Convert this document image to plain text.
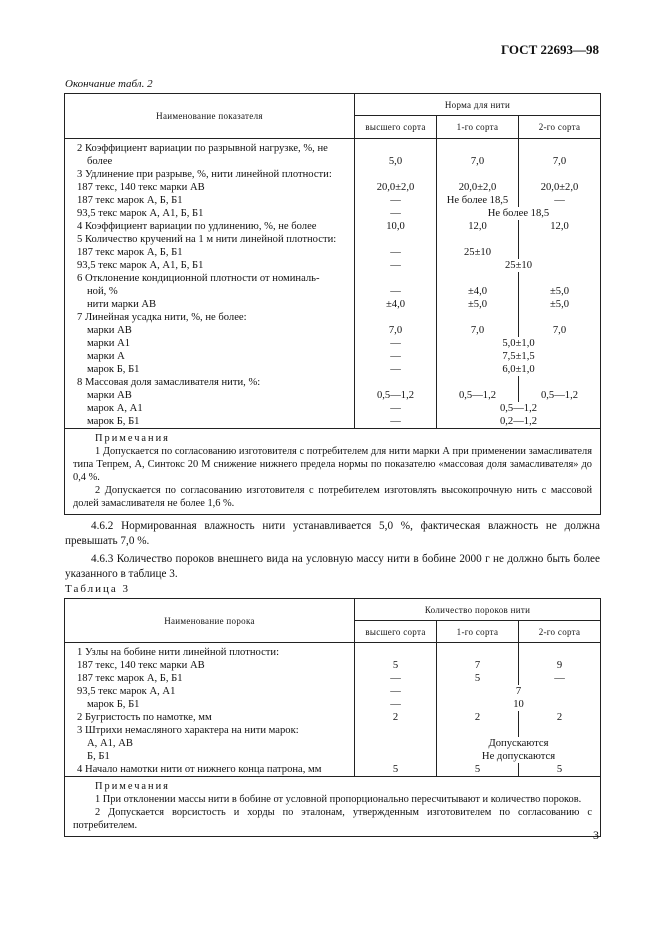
ГОСТ 22693—98
Окончание табл. 2
Наименование показателя	Норма для нити		
	высшего сорта	1-го сорта	2-го сорта
2 Коэффициент вариации по разрывной нагрузке, %, не			
более	5,0	7,0	7,0
3 Удлинение при разрыве, %, нити линейной плотности:			
187 текс, 140 текс марки АВ	20,0±2,0	20,0±2,0	20,0±2,0
187 текс марок А, Б, Б1	—	Не более 18,5	—
93,5 текс марок А, А1, Б, Б1	—	Не более 18,5	
4 Коэффициент вариации по удлинению, %, не более	10,0	12,0	12,0
5 Количество кручений на 1 м нити линейной плотности:			
187 текс марок А, Б, Б1	—	25±10	
93,5 текс марок А, А1, Б, Б1	—	25±10	
6 Отклонение кондиционной плотности от номиналь-			
ной, %	—	±4,0	±5,0
нити марки АВ	±4,0	±5,0	±5,0
7 Линейная усадка нити, %, не более:			
марки АВ	7,0	7,0	7,0
марки А1	—	5,0±1,0	
марки А	—	7,5±1,5	
марок Б, Б1	—	6,0±1,0	
8 Массовая доля замасливателя нити, %:			
марки АВ	0,5—1,2	0,5—1,2	0,5—1,2
марок А, А1	—	0,5—1,2	
марок Б, Б1	—	0,2—1,2	

Примечания
1 Допускается по согласованию изготовителя с потребителем для нити марки А при применении замасливателя типа Тепрем, А, Синтокс 20 М снижение нижнего предела нормы по показателю «массовая доля замасливателя» до 0,4 %.
2 Допускается по согласованию изготовителя с потребителем изготовлять высокопрочную нить с массовой долей замасливателя не более 1,6 %.			
4.6.2 Нормированная влажность нити устанавливается 5,0 %, фактическая влажность не должна превышать 7,0 %.
4.6.3 Количество пороков внешнего вида на условную массу нити в бобине 2000 г не должно быть более указанного в таблице 3.
Таблица 3
Наименование порока	Количество пороков нити		
	высшего сорта	1-го сорта	2-го сорта
1 Узлы на бобине нити линейной плотности:			
187 текс, 140 текс марки АВ	5	7	9
187 текс марок А, Б, Б1	—	5	—
93,5 текс марок А, А1	—	7	
марок Б, Б1	—	10	
2 Бугристость по намотке, мм	2	2	2
3 Штрихи немасляного характера на нити марок:			
А, А1, АВ		Допускаются	
Б, Б1		Не допускаются	
4 Начало намотки нити от нижнего конца патрона, мм	5	5	5

Примечания
1 При отклонении массы нити в бобине от условной пропорционально пересчитывают и количество пороков.
2 Допускается ворсистость и хорды по эталонам, утвержденным изготовителем по согласованию с потребителем.			
3
